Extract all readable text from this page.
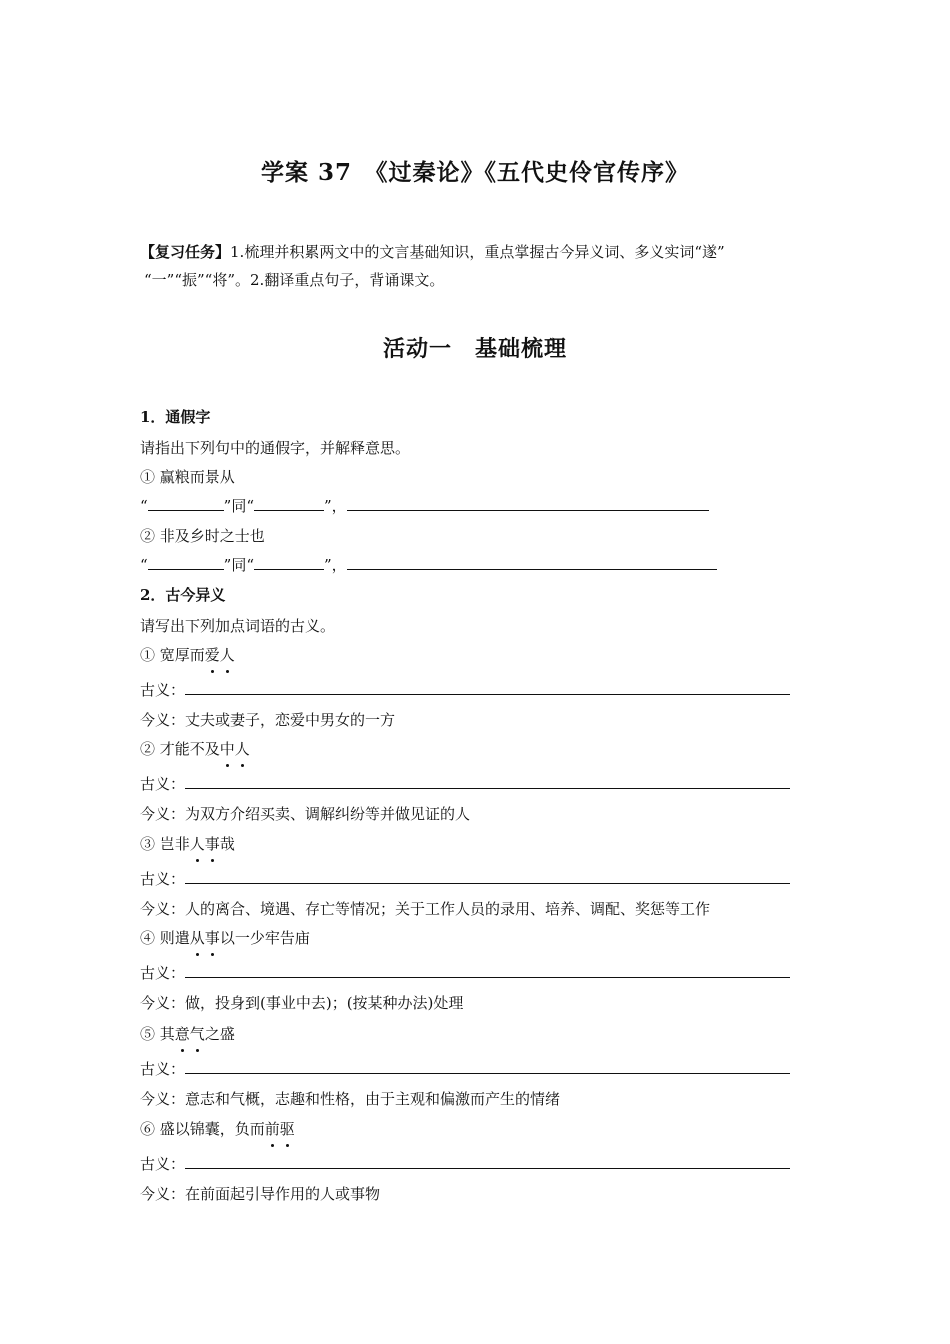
学案 37　《过秦论》《五代史伶官传序》
【复习任务】1.梳理并积累两文中的文言基础知识，重点掌握古今异义词、多义实词“遂”
“一”“振”“将”。2.翻译重点句子，背诵课文。
活动一　基础梳理
1．通假字
请指出下列句中的通假字，并解释意思。
① 赢粮而景从
“	”同“	”，
② 非及乡时之士也
“	”同“	”，
2．古今异义
请写出下列加点词语的古义。
① 宽厚而爱人
古义：
今义：丈夫或妻子，恋爱中男女的一方
② 才能不及中人
古义：
今义：为双方介绍买卖、调解纠纷等并做见证的人
③ 岂非人事哉
古义：
今义：人的离合、境遇、存亡等情况；关于工作人员的录用、培养、调配、奖惩等工作
④ 则遣从事以一少牢告庙
古义：
今义：做，投身到(事业中去)；(按某种办法)处理
⑤ 其意气之盛
古义：
今义：意志和气概，志趣和性格，由于主观和偏激而产生的情绪
⑥ 盛以锦囊，负而前驱
古义：
今义：在前面起引导作用的人或事物
